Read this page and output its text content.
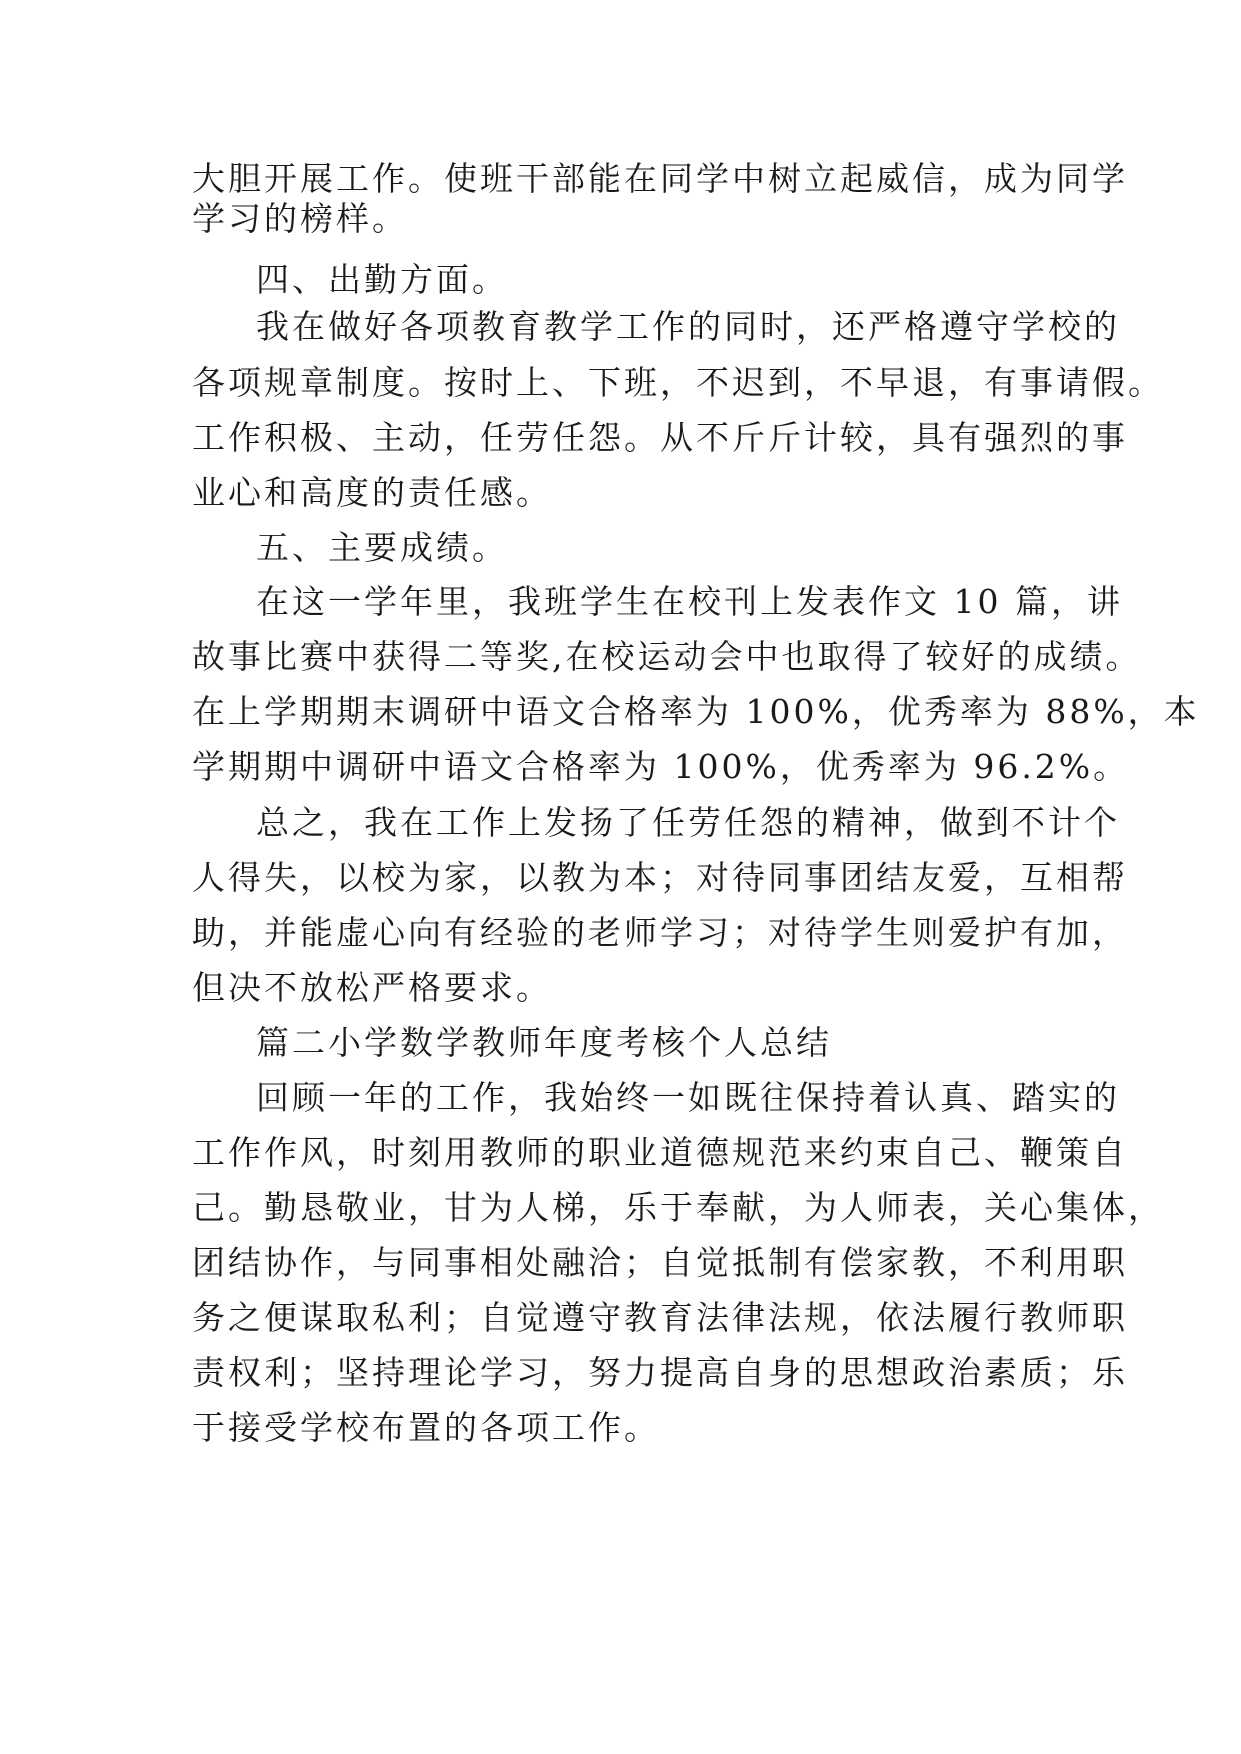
大胆开展工作。使班干部能在同学中树立起威信，成为同学
学习的榜样。
四、出勤方面。
我在做好各项教育教学工作的同时，还严格遵守学校的
各项规章制度。按时上、下班，不迟到，不早退，有事请假。
工作积极、主动，任劳任怨。从不斤斤计较，具有强烈的事
业心和高度的责任感。
五、主要成绩。
在这一学年里，我班学生在校刊上发表作文 10 篇，讲
故事比赛中获得二等奖,在校运动会中也取得了较好的成绩。
在上学期期末调研中语文合格率为 100%，优秀率为 88%，本
学期期中调研中语文合格率为 100%，优秀率为 96.2%。
总之，我在工作上发扬了任劳任怨的精神，做到不计个
人得失，以校为家，以教为本；对待同事团结友爱，互相帮
助，并能虚心向有经验的老师学习；对待学生则爱护有加，
但决不放松严格要求。
篇二小学数学教师年度考核个人总结
回顾一年的工作，我始终一如既往保持着认真、踏实的
工作作风，时刻用教师的职业道德规范来约束自己、鞭策自
己。勤恳敬业，甘为人梯，乐于奉献，为人师表，关心集体，
团结协作，与同事相处融洽；自觉抵制有偿家教，不利用职
务之便谋取私利；自觉遵守教育法律法规，依法履行教师职
责权利；坚持理论学习，努力提高自身的思想政治素质；乐
于接受学校布置的各项工作。
